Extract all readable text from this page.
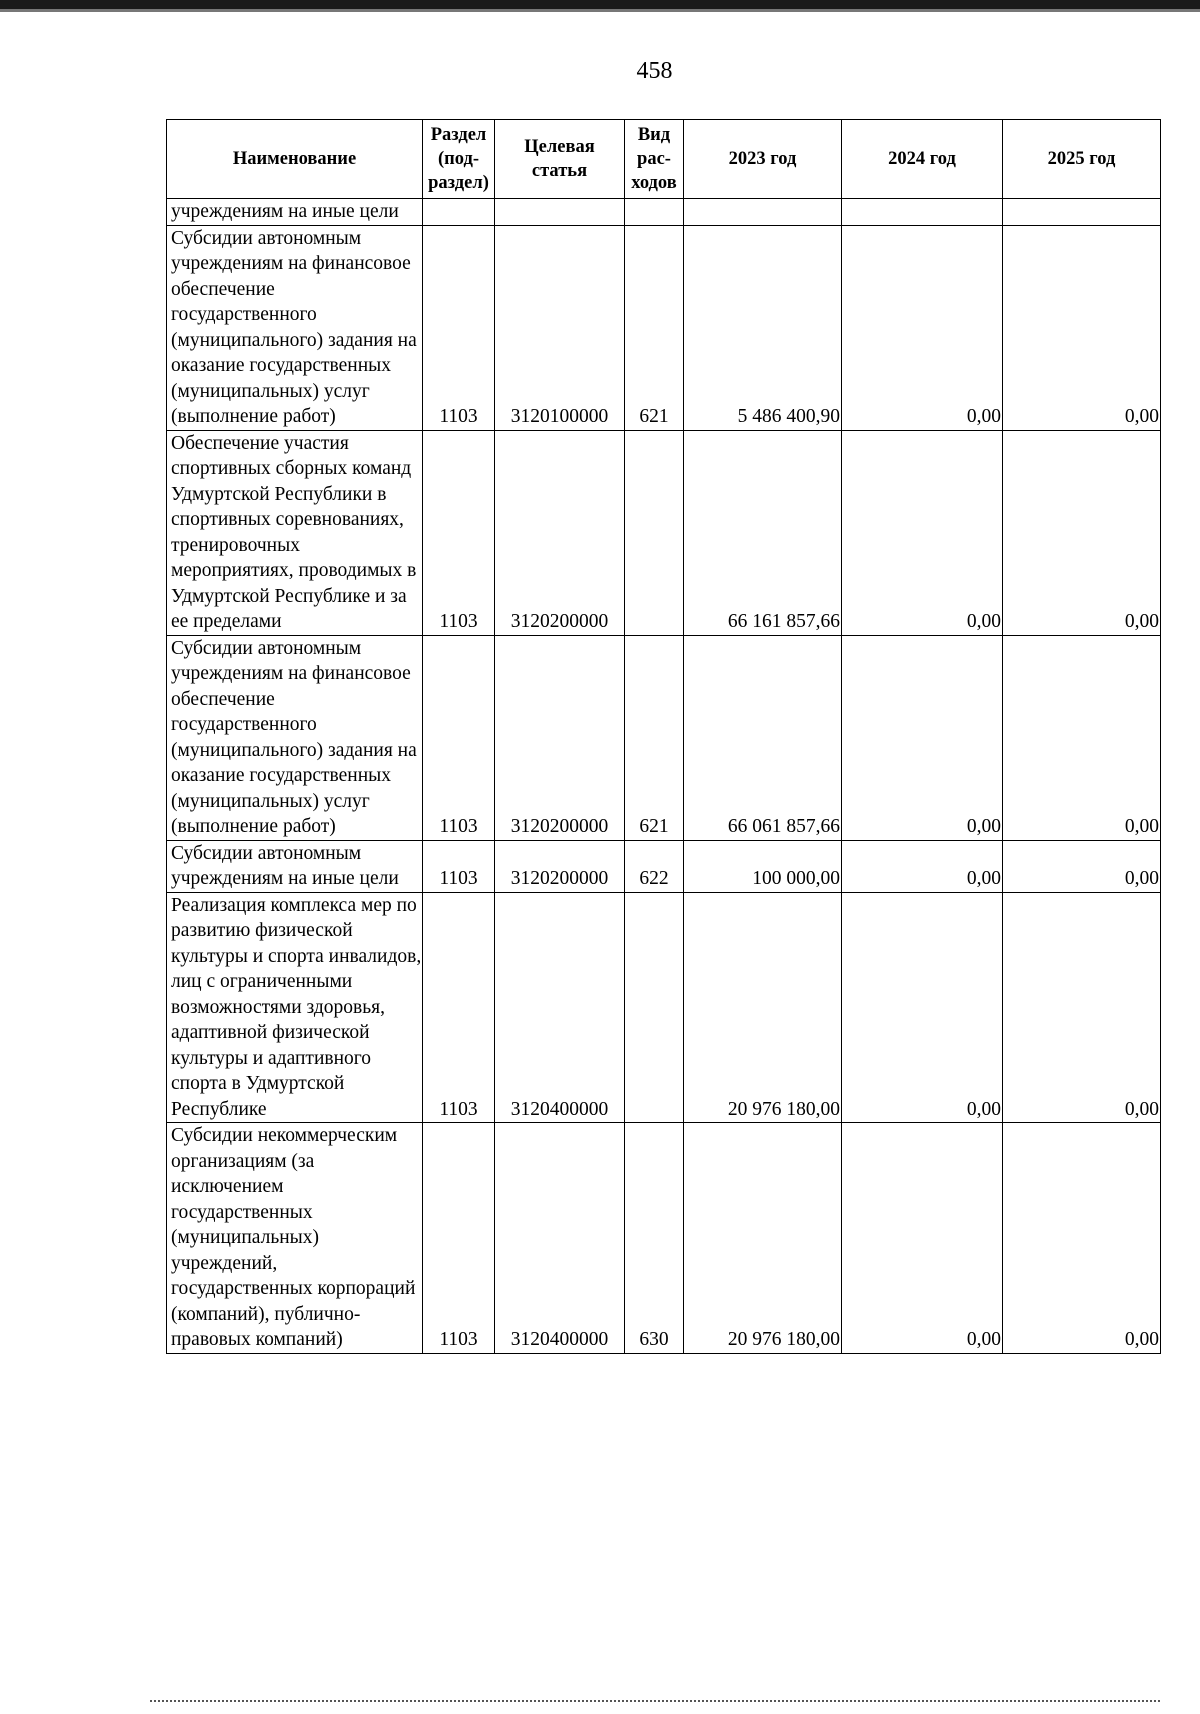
458
Наименование	Раздел (под-раздел)	Целевая статья	Вид рас-ходов	2023 год	2024 год	2025 год
учреждениям на иные цели						
Субсидии автономным учреждениям на финансовое обеспечение государственного (муниципального) задания на оказание государственных (муниципальных) услуг (выполнение работ)	1103	3120100000	621	5 486 400,90	0,00	0,00
Обеспечение участия спортивных сборных команд Удмуртской Республики в спортивных соревнованиях, тренировочных мероприятиях, проводимых в Удмуртской Республике и за ее пределами	1103	3120200000		66 161 857,66	0,00	0,00
Субсидии автономным учреждениям на финансовое обеспечение государственного (муниципального) задания на оказание государственных (муниципальных) услуг (выполнение работ)	1103	3120200000	621	66 061 857,66	0,00	0,00
Субсидии автономным учреждениям на иные цели	1103	3120200000	622	100 000,00	0,00	0,00
Реализация комплекса мер по развитию физической культуры и спорта инвалидов, лиц с ограниченными возможностями здоровья, адаптивной физической культуры и адаптивного спорта в Удмуртской Республике	1103	3120400000		20 976 180,00	0,00	0,00
Субсидии некоммерческим организациям (за исключением государственных (муниципальных) учреждений, государственных корпораций (компаний), публично-правовых компаний)	1103	3120400000	630	20 976 180,00	0,00	0,00
